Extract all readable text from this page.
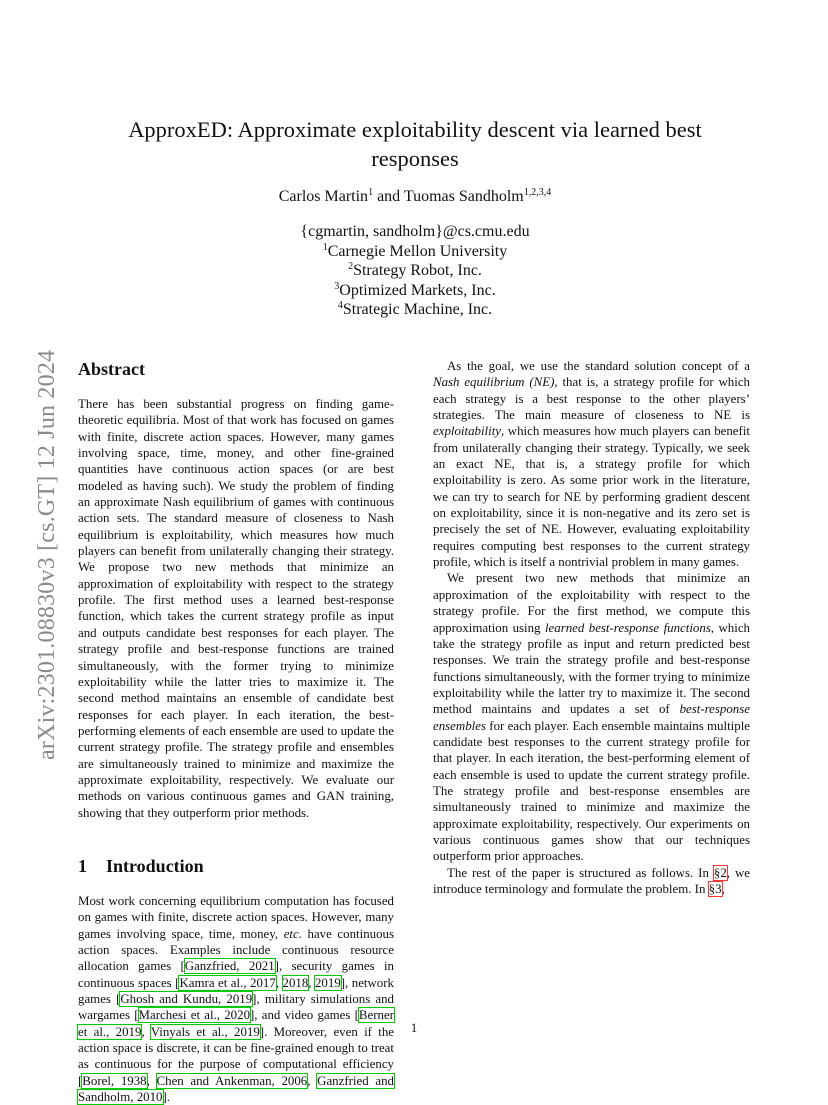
arXiv:2301.08830v3 [cs.GT] 12 Jun 2024
ApproxED: Approximate exploitability descent via learned best responses
Carlos Martin$^1$ and Tuomas Sandholm$^{1,2,3,4}$
{cgmartin, sandholm}@cs.cmu.edu
$^1$Carnegie Mellon University
$^2$Strategy Robot, Inc.
$^3$Optimized Markets, Inc.
$^4$Strategic Machine, Inc.
Abstract

There has been substantial progress on finding game-theoretic equilibria. Most of that work has focused on games with finite, discrete action spaces. However, many games involving space, time, money, and other fine-grained quantities have continuous action spaces (or are best modeled as having such). We study the problem of finding an approximate Nash equilibrium of games with continuous action sets. The standard measure of closeness to Nash equilibrium is exploitability, which measures how much players can benefit from unilaterally changing their strategy. We propose two new methods that minimize an approximation of exploitability with respect to the strategy profile. The first method uses a learned best-response function, which takes the current strategy profile as input and outputs candidate best responses for each player. The strategy profile and best-response functions are trained simultaneously, with the former trying to minimize exploitability while the latter tries to maximize it. The second method maintains an ensemble of candidate best responses for each player. In each iteration, the best-performing elements of each ensemble are used to update the current strategy profile. The strategy profile and ensembles are simultaneously trained to minimize and maximize the approximate exploitability, respectively. We evaluate our methods on various continuous games and GAN training, showing that they outperform prior methods.

1 Introduction

Most work concerning equilibrium computation has focused on games with finite, discrete action spaces. However, many games involving space, time, money, etc. have continuous action spaces. Examples include continuous resource allocation games [Ganzfried, 2021], security games in continuous spaces [Kamra et al., 2017, 2018, 2019], network games [Ghosh and Kundu, 2019], military simulations and wargames [Marchesi et al., 2020], and video games [Berner et al., 2019, Vinyals et al., 2019]. Moreover, even if the action space is discrete, it can be fine-grained enough to treat as continuous for the purpose of computational efficiency [Borel, 1938, Chen and Ankenman, 2006, Ganzfried and Sandholm, 2010].

As the goal, we use the standard solution concept of a Nash equilibrium (NE), that is, a strategy profile for which each strategy is a best response to the other players’ strategies. The main measure of closeness to NE is exploitability, which measures how much players can benefit from unilaterally changing their strategy. Typically, we seek an exact NE, that is, a strategy profile for which exploitability is zero. As some prior work in the literature, we can try to search for NE by performing gradient descent on exploitability, since it is non-negative and its zero set is precisely the set of NE. However, evaluating exploitability requires computing best responses to the current strategy profile, which is itself a nontrivial problem in many games.

We present two new methods that minimize an approximation of the exploitability with respect to the strategy profile. For the first method, we compute this approximation using learned best-response functions, which take the strategy profile as input and return predicted best responses. We train the strategy profile and best-response functions simultaneously, with the former trying to minimize exploitability while the latter try to maximize it. The second method maintains and updates a set of best-response ensembles for each player. Each ensemble maintains multiple candidate best responses to the current strategy profile for that player. In each iteration, the best-performing element of each ensemble is used to update the current strategy profile. The strategy profile and best-response ensembles are simultaneously trained to minimize and maximize the approximate exploitability, respectively. Our experiments on various continuous games show that our techniques outperform prior approaches.

The rest of the paper is structured as follows. In §2, we introduce terminology and formulate the problem. In §3,

1
